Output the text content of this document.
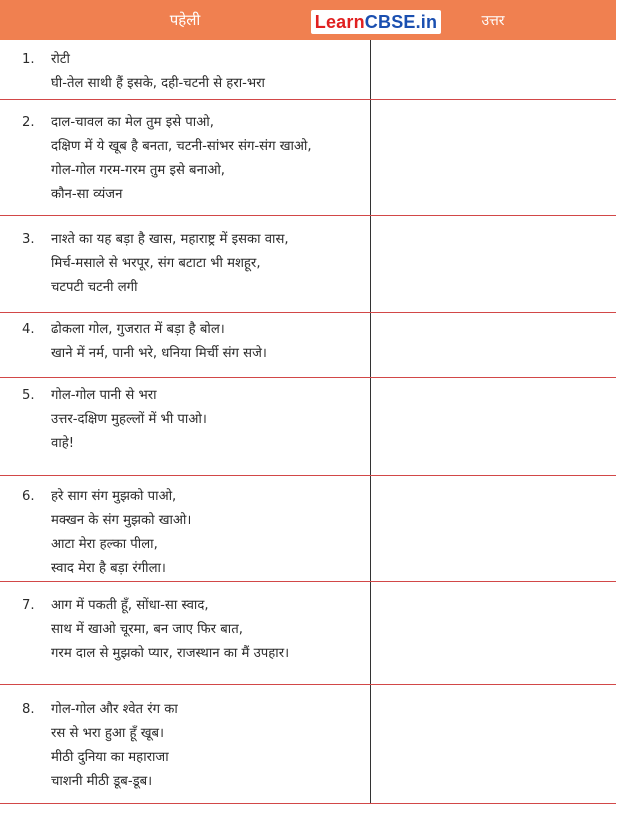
पहेली	उत्तर
Learn CBSE.in
1. रोटी
घी-तेल साथी हैं इसके, दही-चटनी से हरा-भरा
2. दाल-चावल का मेल तुम इसे पाओ,
दक्षिण में ये खूब है बनता, चटनी-सांभर संग-संग खाओ,
गोल-गोल गरम-गरम तुम इसे बनाओ,
कौन-सा व्यंजन
3. नाश्ते का यह बड़ा है खास, महाराष्ट्र में इसका वास,
मिर्च-मसाले से भरपूर, संग बटाटा भी मशहूर,
चटपटी चटनी लगी
4. ढोकला गोल, गुजरात में बड़ा है बोल।
खाने में नर्म, पानी भरे, धनिया मिर्ची संग सजे।
5. गोल-गोल पानी से भरा
उत्तर-दक्षिण मुहल्लों में भी पाओ।
वाहे!
6. हरे साग संग मुझको पाओ,
मक्खन के संग मुझको खाओ।
आटा मेरा हल्का पीला,
स्वाद मेरा है बड़ा रंगीला।
7. आग में पकती हूँ, सोंधा-सा स्वाद,
साथ में खाओ चूरमा, बन जाए फिर बात,
गरम दाल से मुझको प्यार, राजस्थान का मैं उपहार।
8. गोल-गोल और श्वेत रंग का
रस से भरा हुआ हूँ खूब।
मीठी दुनिया का महाराजा
चाशनी मीठी डूब-डूब।
